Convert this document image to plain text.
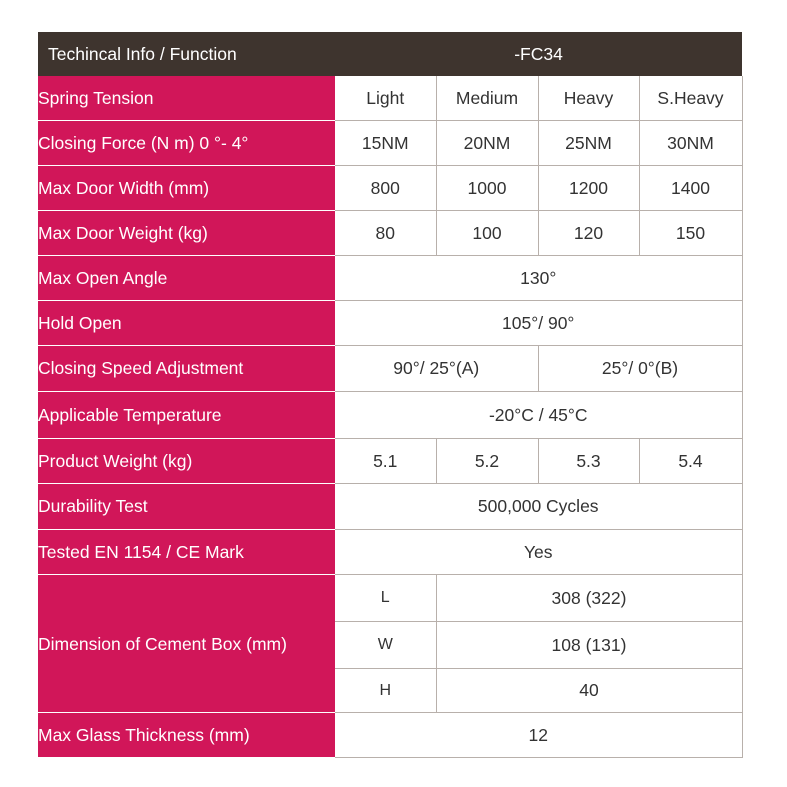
Techincal Info / Function	-FC34			
Spring Tension	Light	Medium	Heavy	S.Heavy
Closing Force (N m) 0 °- 4°	15NM	20NM	25NM	30NM
Max Door Width (mm)	800	1000	1200	1400
Max Door Weight (kg)	80	100	120	150
Max Open Angle	130°			
Hold Open	105°/ 90°			
Closing Speed Adjustment	90°/ 25°(A)		25°/ 0°(B)	
Applicable Temperature	-20°C / 45°C			
Product Weight (kg)	5.1	5.2	5.3	5.4
Durability Test	500,000 Cycles			
Tested EN 1154 / CE Mark	Yes			
Dimension of Cement Box (mm)	L	308 (322)		
	W	108 (131)		
	H	40		
Max Glass Thickness (mm)	12			
